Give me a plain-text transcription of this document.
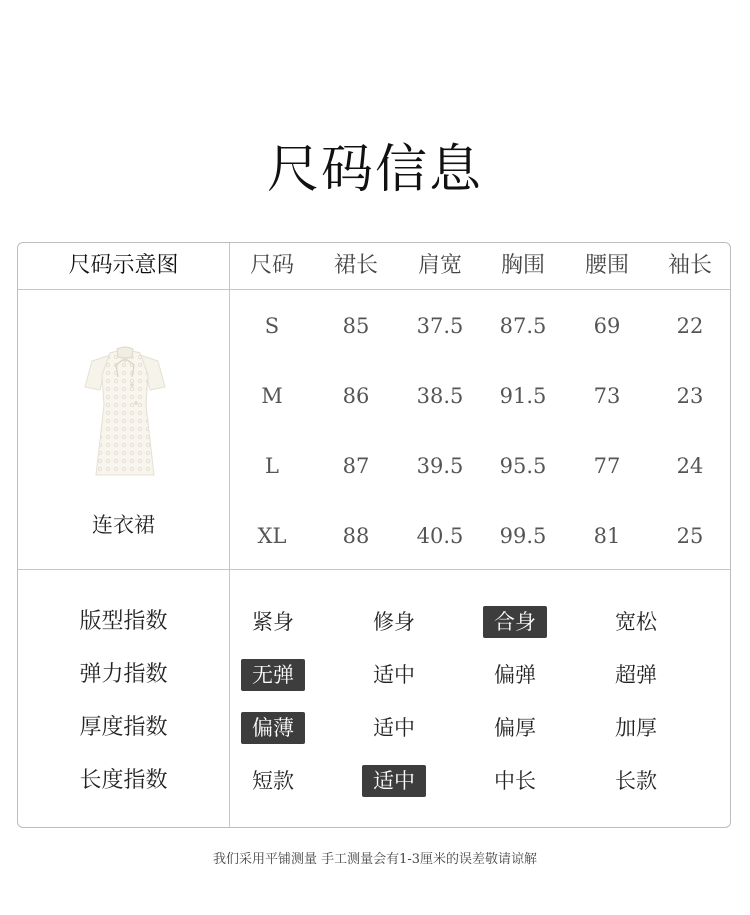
尺码信息
尺码示意图	尺码	裙长	肩宽	胸围	腰围	袖长
S	85	37.5	87.5	69	22
M	86	38.5	91.5	73	23
L	87	39.5	95.5	77	24
XL	88	40.5	99.5	81	25
连衣裙
版型指数	紧身	修身	合身	宽松
弹力指数	无弹	适中	偏弹	超弹
厚度指数	偏薄	适中	偏厚	加厚
长度指数	短款	适中	中长	长款
我们采用平铺测量 手工测量会有1-3厘米的误差敬请谅解
